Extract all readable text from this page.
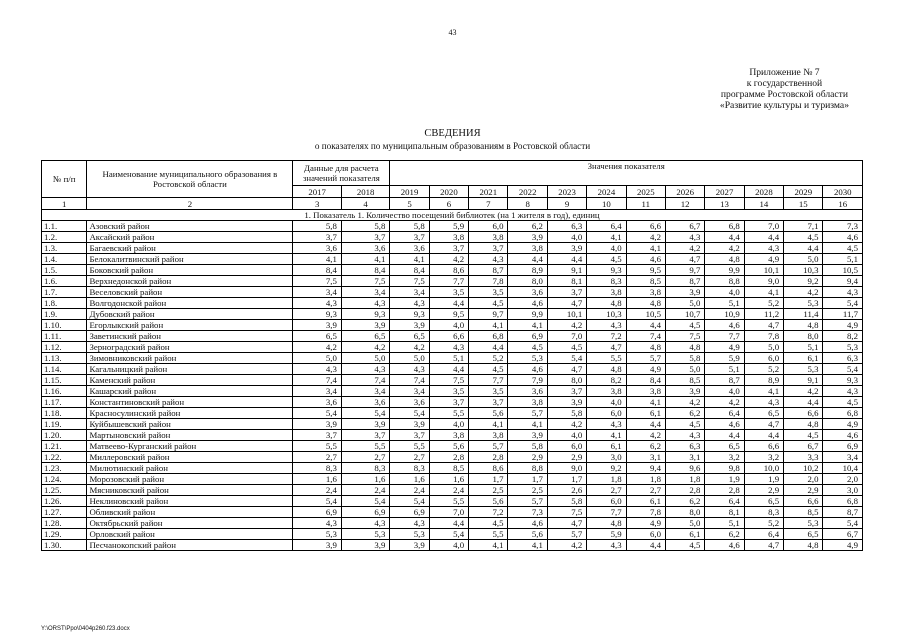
43
Приложение № 7
к государственной
программе Ростовской области
«Развитие культуры и туризма»
СВЕДЕНИЯ
о показателях по муниципальным образованиям в Ростовской области
№ п/п	Наименование муниципального образования в Ростовской области	Данные для расчета значений показателя		Значения показателя											
		2017	2018	2019	2020	2021	2022	2023	2024	2025	2026	2027	2028	2029	2030
1	2	3	4	5	6	7	8	9	10	11	12	13	14	15	16
1. Показатель 1. Количество посещений библиотек (на 1 жителя в год), единиц															
1.1.	Азовский район	5,8	5,8	5,8	5,9	6,0	6,2	6,3	6,4	6,6	6,7	6,8	7,0	7,1	7,3
1.2.	Аксайский район	3,7	3,7	3,7	3,8	3,8	3,9	4,0	4,1	4,2	4,3	4,4	4,4	4,5	4,6
1.3.	Багаевский район	3,6	3,6	3,6	3,7	3,7	3,8	3,9	4,0	4,1	4,2	4,2	4,3	4,4	4,5
1.4.	Белокалитвинский район	4,1	4,1	4,1	4,2	4,3	4,4	4,4	4,5	4,6	4,7	4,8	4,9	5,0	5,1
1.5.	Боковский район	8,4	8,4	8,4	8,6	8,7	8,9	9,1	9,3	9,5	9,7	9,9	10,1	10,3	10,5
1.6.	Верхнедонской район	7,5	7,5	7,5	7,7	7,8	8,0	8,1	8,3	8,5	8,7	8,8	9,0	9,2	9,4
1.7.	Веселовский район	3,4	3,4	3,4	3,5	3,5	3,6	3,7	3,8	3,8	3,9	4,0	4,1	4,2	4,3
1.8.	Волгодонской район	4,3	4,3	4,3	4,4	4,5	4,6	4,7	4,8	4,8	5,0	5,1	5,2	5,3	5,4
1.9.	Дубовский район	9,3	9,3	9,3	9,5	9,7	9,9	10,1	10,3	10,5	10,7	10,9	11,2	11,4	11,7
1.10.	Егорлыкский район	3,9	3,9	3,9	4,0	4,1	4,1	4,2	4,3	4,4	4,5	4,6	4,7	4,8	4,9
1.11.	Заветинский район	6,5	6,5	6,5	6,6	6,8	6,9	7,0	7,2	7,4	7,5	7,7	7,8	8,0	8,2
1.12.	Зерноградский район	4,2	4,2	4,2	4,3	4,4	4,5	4,5	4,7	4,8	4,8	4,9	5,0	5,1	5,3
1.13.	Зимовниковский район	5,0	5,0	5,0	5,1	5,2	5,3	5,4	5,5	5,7	5,8	5,9	6,0	6,1	6,3
1.14.	Кагальницкий район	4,3	4,3	4,3	4,4	4,5	4,6	4,7	4,8	4,9	5,0	5,1	5,2	5,3	5,4
1.15.	Каменский район	7,4	7,4	7,4	7,5	7,7	7,9	8,0	8,2	8,4	8,5	8,7	8,9	9,1	9,3
1.16.	Кашарский район	3,4	3,4	3,4	3,5	3,5	3,6	3,7	3,8	3,8	3,9	4,0	4,1	4,2	4,3
1.17.	Константиновский район	3,6	3,6	3,6	3,7	3,7	3,8	3,9	4,0	4,1	4,2	4,2	4,3	4,4	4,5
1.18.	Красносулинский район	5,4	5,4	5,4	5,5	5,6	5,7	5,8	6,0	6,1	6,2	6,4	6,5	6,6	6,8
1.19.	Куйбышевский район	3,9	3,9	3,9	4,0	4,1	4,1	4,2	4,3	4,4	4,5	4,6	4,7	4,8	4,9
1.20.	Мартыновский район	3,7	3,7	3,7	3,8	3,8	3,9	4,0	4,1	4,2	4,3	4,4	4,4	4,5	4,6
1.21.	Матвеево-Курганский район	5,5	5,5	5,5	5,6	5,7	5,8	6,0	6,1	6,2	6,3	6,5	6,6	6,7	6,9
1.22.	Миллеровский район	2,7	2,7	2,7	2,8	2,8	2,9	2,9	3,0	3,1	3,1	3,2	3,2	3,3	3,4
1.23.	Милютинский район	8,3	8,3	8,3	8,5	8,6	8,8	9,0	9,2	9,4	9,6	9,8	10,0	10,2	10,4
1.24.	Морозовский район	1,6	1,6	1,6	1,6	1,7	1,7	1,7	1,8	1,8	1,8	1,9	1,9	2,0	2,0
1.25.	Мясниковский район	2,4	2,4	2,4	2,4	2,5	2,5	2,6	2,7	2,7	2,8	2,8	2,9	2,9	3,0
1.26.	Неклиновский район	5,4	5,4	5,4	5,5	5,6	5,7	5,8	6,0	6,1	6,2	6,4	6,5	6,6	6,8
1.27.	Обливский район	6,9	6,9	6,9	7,0	7,2	7,3	7,5	7,7	7,8	8,0	8,1	8,3	8,5	8,7
1.28.	Октябрьский район	4,3	4,3	4,3	4,4	4,5	4,6	4,7	4,8	4,9	5,0	5,1	5,2	5,3	5,4
1.29.	Орловский район	5,3	5,3	5,3	5,4	5,5	5,6	5,7	5,9	6,0	6,1	6,2	6,4	6,5	6,7
1.30.	Песчанокопский район	3,9	3,9	3,9	4,0	4,1	4,1	4,2	4,3	4,4	4,5	4,6	4,7	4,8	4,9
Y:\ORST\Ppo\0404p260.f23.docx
